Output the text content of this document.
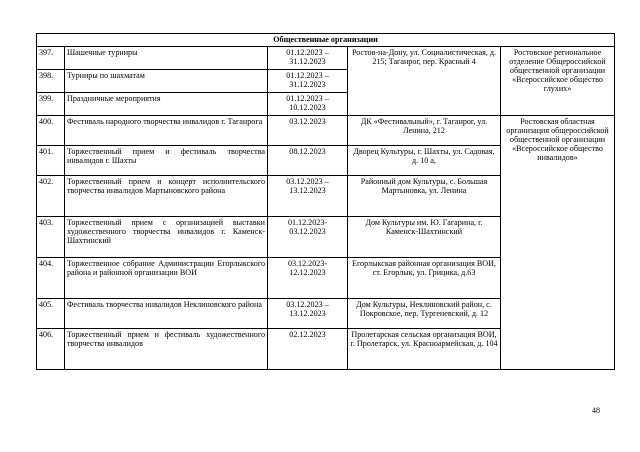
Общественные организации				
397.	Шашечные турниры	01.12.2023 – 31.12.2023	Ростов-на-Дону, ул. Социалистическая, д. 215; Таганрог, пер. Красный 4	Ростовское региональное отделение Общероссийской общественной организации «Всероссийское общество глухих»
398.	Турниры по шахматам	01.12.2023 – 31.12.2023		
399.	Праздничные мероприятия	01.12.2023 – 10.12.2023		
400.	Фестиваль народного творчества инвалидов г. Таганрога	03.12.2023	ДК «Фестивальный», г. Таганрог, ул. Ленина, 212	Ростовская областная организация общероссийской общественной организации «Всероссийское общество инвалидов»
401.	Торжественный прием и фестиваль творчества инвалидов г. Шахты	08.12.2023	Дворец Культуры, г. Шахты, ул. Садовая, д. 10 а,	
402.	Торжественный прием и концерт исполнительского творчества инвалидов Мартыновского района	03.12.2023 – 13.12.2023	Районный дом Культуры, с. Большая Мартыновка, ул. Ленина	
403.	Торжественный прием с организацией выставки художественного творчества инвалидов г. Каменск-Шахтинский	01.12.2023- 03.12.2023	Дом Культуры им. Ю. Гагарина, г. Каменск-Шахтинский	
404.	Торжественное собрание Администрации Егорлыкского района и районной организации ВОИ	03.12.2023- 12.12.2023	Егорлыкская районная организация ВОИ, ст. Егорлык, ул. Грицика, д.63	
405.	Фестиваль творчества инвалидов Неклиновского района	03.12.2023 – 13.12.2023	Дом Культуры, Неклиновский район, с. Покровское, пер. Тургеневский, д. 12	
406.	Торжественный прием и фестиваль художественного творчества инвалидов	02.12.2023	Пролетарская сельская организация ВОИ, г. Пролетарск, ул. Красноармейская, д. 104	
48
